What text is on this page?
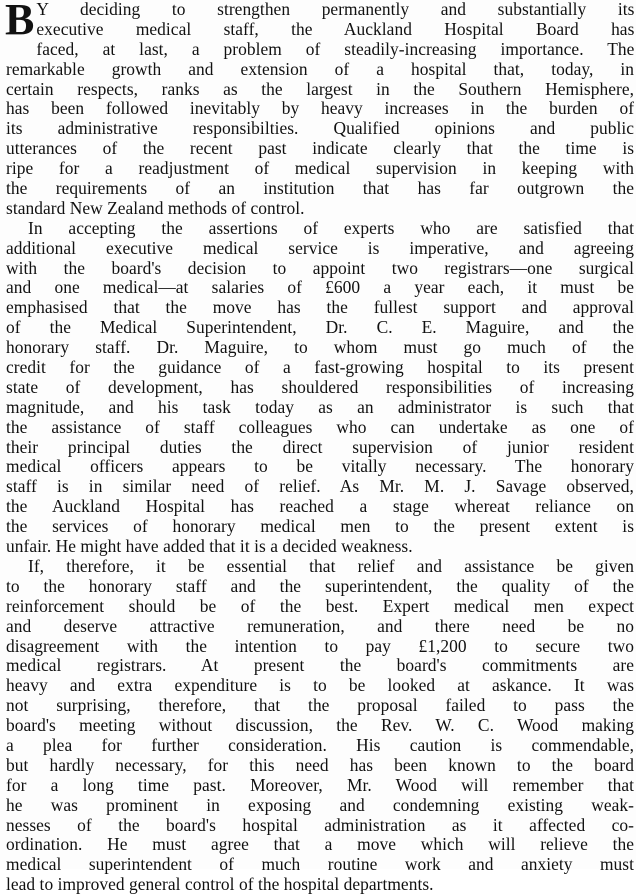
B Y deciding to strengthen permanently and substantially its
executive medical staff, the Auckland Hospital Board has
faced, at last, a problem of steadily-increasing importance. The
remarkable growth and extension of a hospital that, today, in
certain respects, ranks as the largest in the Southern Hemisphere,
has been followed inevitably by heavy increases in the burden of
its administrative responsibilties. Qualified opinions and public
utterances of the recent past indicate clearly that the time is
ripe for a readjustment of medical supervision in keeping with
the requirements of an institution that has far outgrown the
standard New Zealand methods of control.
In accepting the assertions of experts who are satisfied that
additional executive medical service is imperative, and agreeing
with the board's decision to appoint two registrars—one surgical
and one medical—at salaries of £600 a year each, it must be
emphasised that the move has the fullest support and approval
of the Medical Superintendent, Dr. C. E. Maguire, and the
honorary staff. Dr. Maguire, to whom must go much of the
credit for the guidance of a fast-growing hospital to its present
state of development, has shouldered responsibilities of increasing
magnitude, and his task today as an administrator is such that
the assistance of staff colleagues who can undertake as one of
their principal duties the direct supervision of junior resident
medical officers appears to be vitally necessary. The honorary
staff is in similar need of relief. As Mr. M. J. Savage observed,
the Auckland Hospital has reached a stage whereat reliance on
the services of honorary medical men to the present extent is
unfair. He might have added that it is a decided weakness.
If, therefore, it be essential that relief and assistance be given
to the honorary staff and the superintendent, the quality of the
reinforcement should be of the best. Expert medical men expect
and deserve attractive remuneration, and there need be no
disagreement with the intention to pay £1,200 to secure two
medical registrars. At present the board's commitments are
heavy and extra expenditure is to be looked at askance. It was
not surprising, therefore, that the proposal failed to pass the
board's meeting without discussion, the Rev. W. C. Wood making
a plea for further consideration. His caution is commendable,
but hardly necessary, for this need has been known to the board
for a long time past. Moreover, Mr. Wood will remember that
he was prominent in exposing and condemning existing weak-
nesses of the board's hospital administration as it affected co-
ordination. He must agree that a move which will relieve the
medical superintendent of much routine work and anxiety must
lead to improved general control of the hospital departments.
